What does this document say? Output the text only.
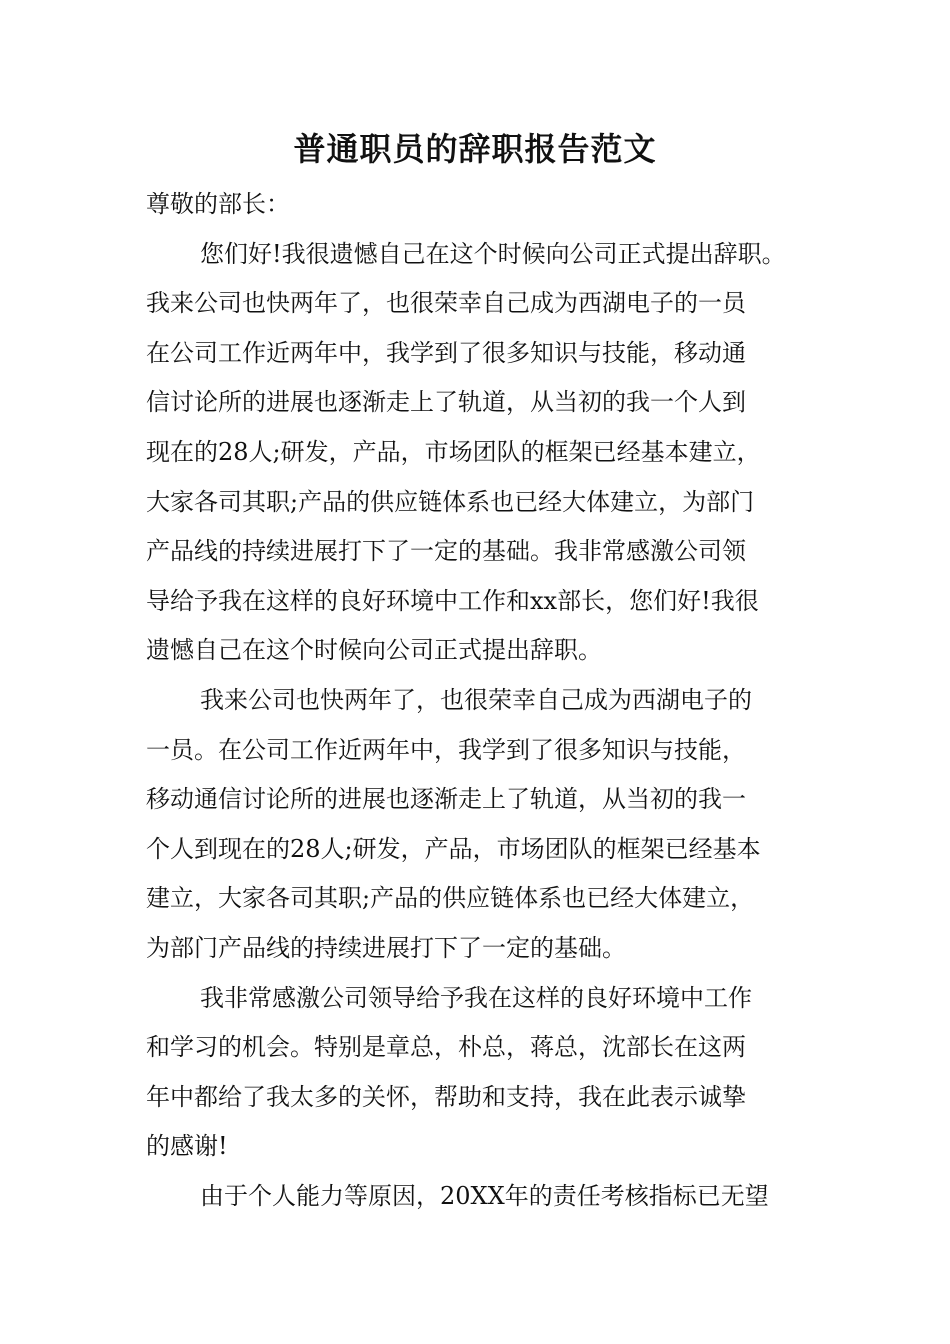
普通职员的辞职报告范文
尊敬的部长：
您们好!我很遗憾自己在这个时候向公司正式提出辞职。
我来公司也快两年了，也很荣幸自己成为西湖电子的一员
在公司工作近两年中，我学到了很多知识与技能，移动通
信讨论所的进展也逐渐走上了轨道，从当初的我一个人到
现在的28人;研发，产品，市场团队的框架已经基本建立，
大家各司其职;产品的供应链体系也已经大体建立，为部门
产品线的持续进展打下了一定的基础。我非常感激公司领
导给予我在这样的良好环境中工作和xx部长，您们好!我很
遗憾自己在这个时候向公司正式提出辞职。
我来公司也快两年了，也很荣幸自己成为西湖电子的
一员。在公司工作近两年中，我学到了很多知识与技能，
移动通信讨论所的进展也逐渐走上了轨道，从当初的我一
个人到现在的28人;研发，产品，市场团队的框架已经基本
建立，大家各司其职;产品的供应链体系也已经大体建立，
为部门产品线的持续进展打下了一定的基础。
我非常感激公司领导给予我在这样的良好环境中工作
和学习的机会。特别是章总，朴总，蒋总，沈部长在这两
年中都给了我太多的关怀，帮助和支持，我在此表示诚挚
的感谢!
由于个人能力等原因，20XX年的责任考核指标已无望
